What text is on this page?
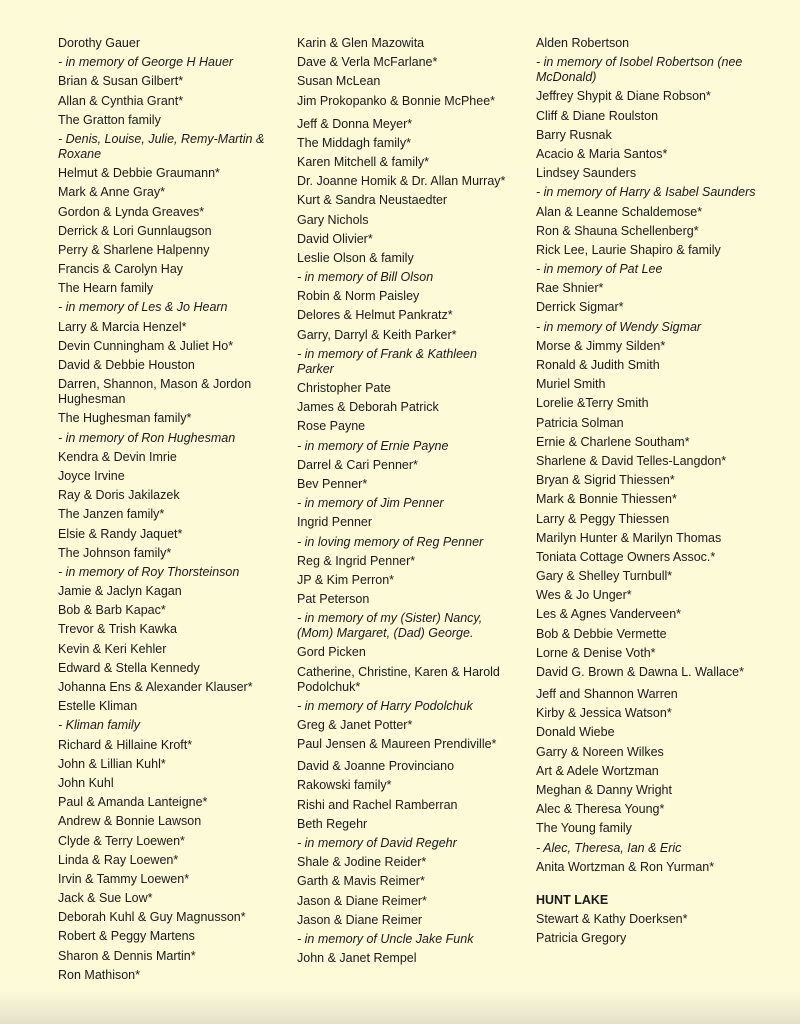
Dorothy Gauer
- in memory of George H Hauer
Brian & Susan Gilbert*
Allan & Cynthia Grant*
The Gratton family
- Denis, Louise, Julie, Remy-Martin & Roxane
Helmut & Debbie Graumann*
Mark & Anne Gray*
Gordon & Lynda Greaves*
Derrick & Lori Gunnlaugson
Perry & Sharlene Halpenny
Francis & Carolyn Hay
The Hearn family
- in memory of Les & Jo Hearn
Larry & Marcia Henzel*
Devin Cunningham & Juliet Ho*
David & Debbie Houston
Darren, Shannon, Mason & Jordon Hughesman
The Hughesman family*
- in memory of Ron Hughesman
Kendra & Devin Imrie
Joyce Irvine
Ray & Doris Jakilazek
The Janzen family*
Elsie & Randy Jaquet*
The Johnson family*
- in memory of Roy Thorsteinson
Jamie & Jaclyn Kagan
Bob & Barb Kapac*
Trevor & Trish Kawka
Kevin & Keri Kehler
Edward & Stella Kennedy
Johanna Ens & Alexander Klauser*
Estelle Kliman
- Kliman family
Richard & Hillaine Kroft*
John & Lillian Kuhl*
John Kuhl
Paul & Amanda Lanteigne*
Andrew & Bonnie Lawson
Clyde & Terry Loewen*
Linda & Ray Loewen*
Irvin & Tammy Loewen*
Jack & Sue Low*
Deborah Kuhl & Guy Magnusson*
Robert & Peggy Martens
Sharon & Dennis Martin*
Ron Mathison*
Karin & Glen Mazowita
Dave & Verla McFarlane*
Susan McLean
Jim Prokopanko & Bonnie McPhee*
Jeff & Donna Meyer*
The Middagh family*
Karen Mitchell & family*
Dr. Joanne Homik & Dr. Allan Murray*
Kurt & Sandra Neustaedter
Gary Nichols
David Olivier*
Leslie Olson & family
- in memory of Bill Olson
Robin & Norm Paisley
Delores & Helmut Pankratz*
Garry, Darryl & Keith Parker*
- in memory of Frank & Kathleen Parker
Christopher Pate
James & Deborah Patrick
Rose Payne
- in memory of Ernie Payne
Darrel & Cari Penner*
Bev Penner*
- in memory of Jim Penner
Ingrid Penner
- in loving memory of Reg Penner
Reg & Ingrid Penner*
JP & Kim Perron*
Pat Peterson
- in memory of my (Sister) Nancy, (Mom) Margaret, (Dad) George.
Gord Picken
Catherine, Christine, Karen & Harold Podolchuk*
- in memory of Harry Podolchuk
Greg & Janet Potter*
Paul Jensen & Maureen Prendiville*
David & Joanne Provinciano
Rakowski family*
Rishi and Rachel Ramberran
Beth Regehr
- in memory of David Regehr
Shale & Jodine Reider*
Garth & Mavis Reimer*
Jason & Diane Reimer*
Jason & Diane Reimer
- in memory of Uncle Jake Funk
John & Janet Rempel
Alden Robertson
- in memory of Isobel Robertson (nee McDonald)
Jeffrey Shypit & Diane Robson*
Cliff & Diane Roulston
Barry Rusnak
Acacio & Maria Santos*
Lindsey Saunders
- in memory of Harry & Isabel Saunders
Alan & Leanne Schaldemose*
Ron & Shauna Schellenberg*
Rick Lee, Laurie Shapiro & family
- in memory of Pat Lee
Rae Shnier*
Derrick Sigmar*
- in memory of Wendy Sigmar
Morse & Jimmy Silden*
Ronald & Judith Smith
Muriel Smith
Lorelie &Terry Smith
Patricia Solman
Ernie & Charlene Southam*
Sharlene & David Telles-Langdon*
Bryan & Sigrid Thiessen*
Mark & Bonnie Thiessen*
Larry & Peggy Thiessen
Marilyn Hunter & Marilyn Thomas
Toniata Cottage Owners Assoc.*
Gary & Shelley Turnbull*
Wes & Jo Unger*
Les & Agnes Vanderveen*
Bob & Debbie Vermette
Lorne & Denise Voth*
David G. Brown & Dawna L. Wallace*
Jeff and Shannon Warren
Kirby & Jessica Watson*
Donald Wiebe
Garry & Noreen Wilkes
Art & Adele Wortzman
Meghan & Danny Wright
Alec & Theresa Young*
The Young family
- Alec, Theresa, Ian & Eric
Anita Wortzman & Ron Yurman*
HUNT LAKE
Stewart & Kathy Doerksen*
Patricia Gregory
